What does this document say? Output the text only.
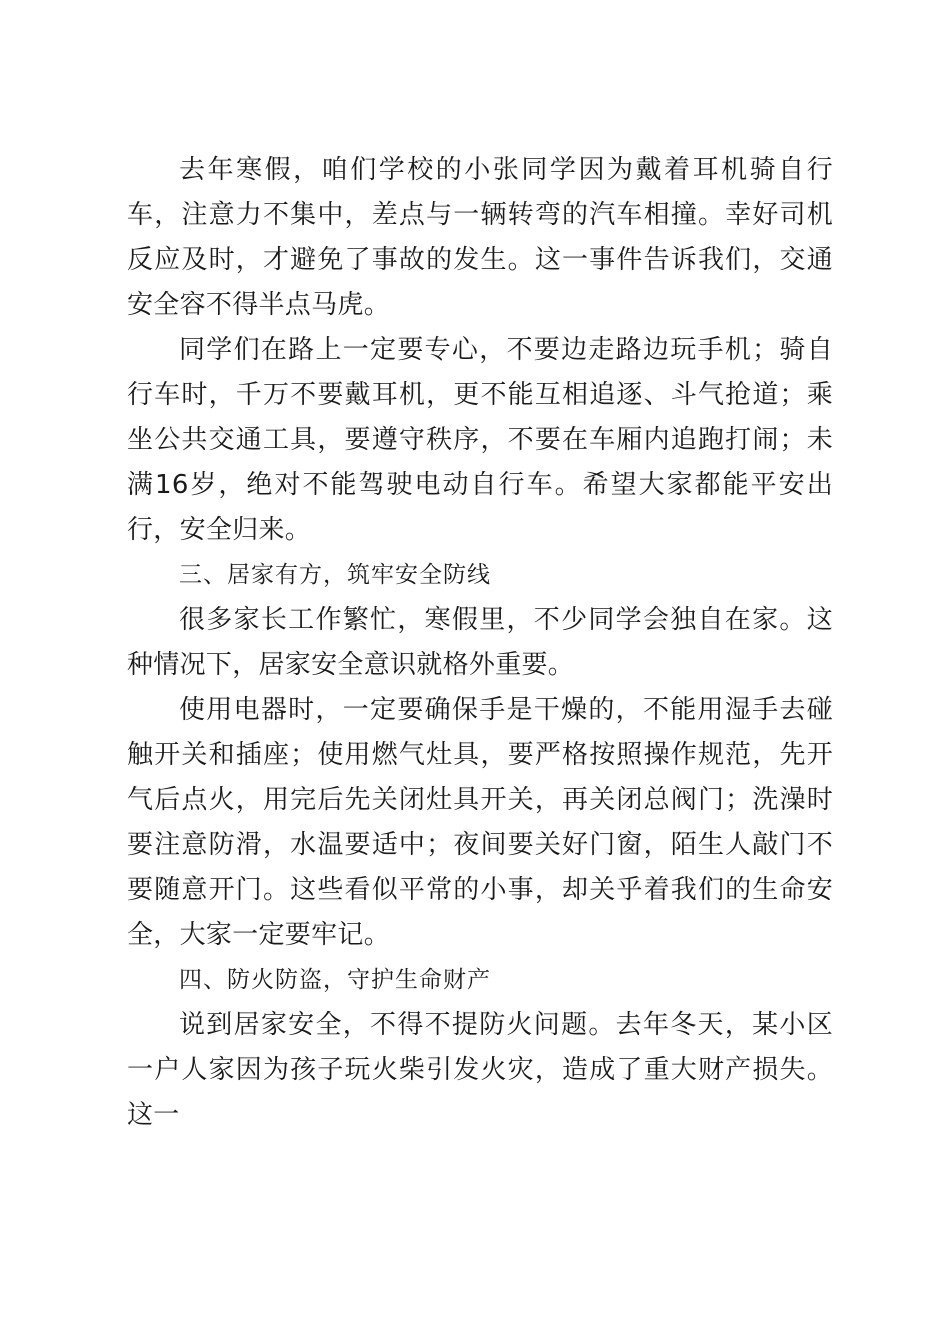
去年寒假，咱们学校的小张同学因为戴着耳机骑自行车，注意力不集中，差点与一辆转弯的汽车相撞。幸好司机反应及时，才避免了事故的发生。这一事件告诉我们，交通安全容不得半点马虎。

同学们在路上一定要专心，不要边走路边玩手机；骑自行车时，千万不要戴耳机，更不能互相追逐、斗气抢道；乘坐公共交通工具，要遵守秩序，不要在车厢内追跑打闹；未满16岁，绝对不能驾驶电动自行车。希望大家都能平安出行，安全归来。

三、居家有方，筑牢安全防线

很多家长工作繁忙，寒假里，不少同学会独自在家。这种情况下，居家安全意识就格外重要。

使用电器时，一定要确保手是干燥的，不能用湿手去碰触开关和插座；使用燃气灶具，要严格按照操作规范，先开气后点火，用完后先关闭灶具开关，再关闭总阀门；洗澡时要注意防滑，水温要适中；夜间要关好门窗，陌生人敲门不要随意开门。这些看似平常的小事，却关乎着我们的生命安全，大家一定要牢记。

四、防火防盗，守护生命财产

说到居家安全，不得不提防火问题。去年冬天，某小区一户人家因为孩子玩火柴引发火灾，造成了重大财产损失。这一
